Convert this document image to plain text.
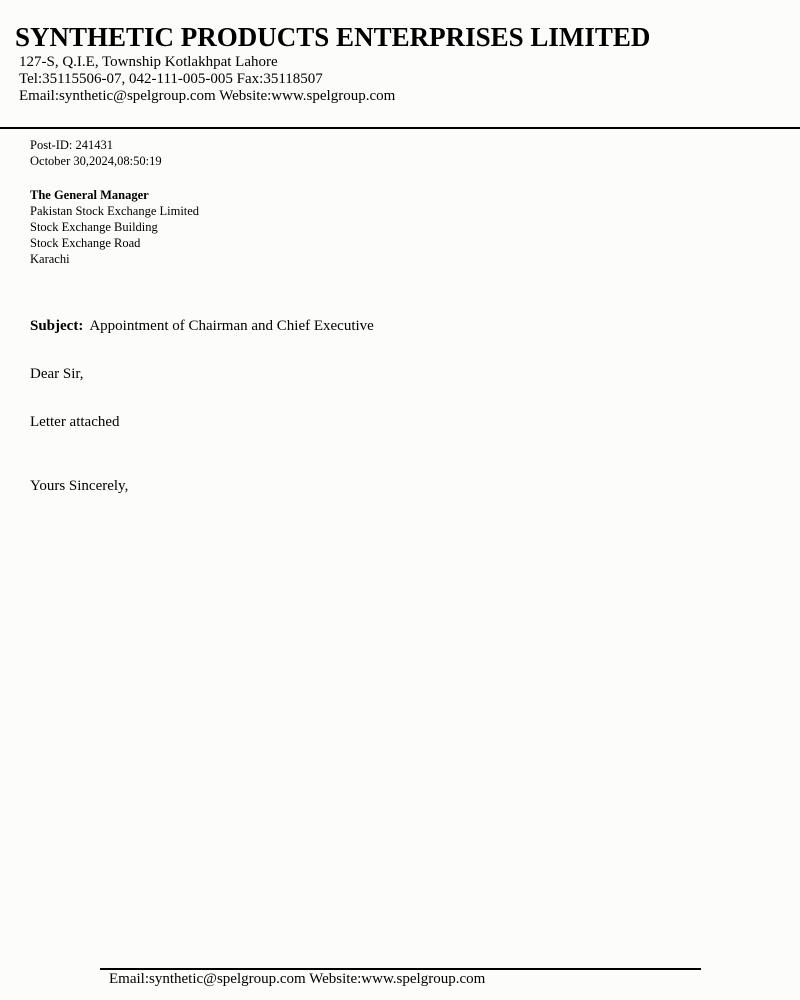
SYNTHETIC PRODUCTS ENTERPRISES LIMITED
127-S, Q.I.E, Township Kotlakhpat Lahore
Tel:35115506-07, 042-111-005-005 Fax:35118507
Email:synthetic@spelgroup.com Website:www.spelgroup.com
Post-ID: 241431
October 30,2024,08:50:19
The General Manager
Pakistan Stock Exchange Limited
Stock Exchange Building
Stock Exchange Road
Karachi
Subject: Appointment of Chairman and Chief Executive
Dear Sir,
Letter attached
Yours Sincerely,
Email:synthetic@spelgroup.com Website:www.spelgroup.com
